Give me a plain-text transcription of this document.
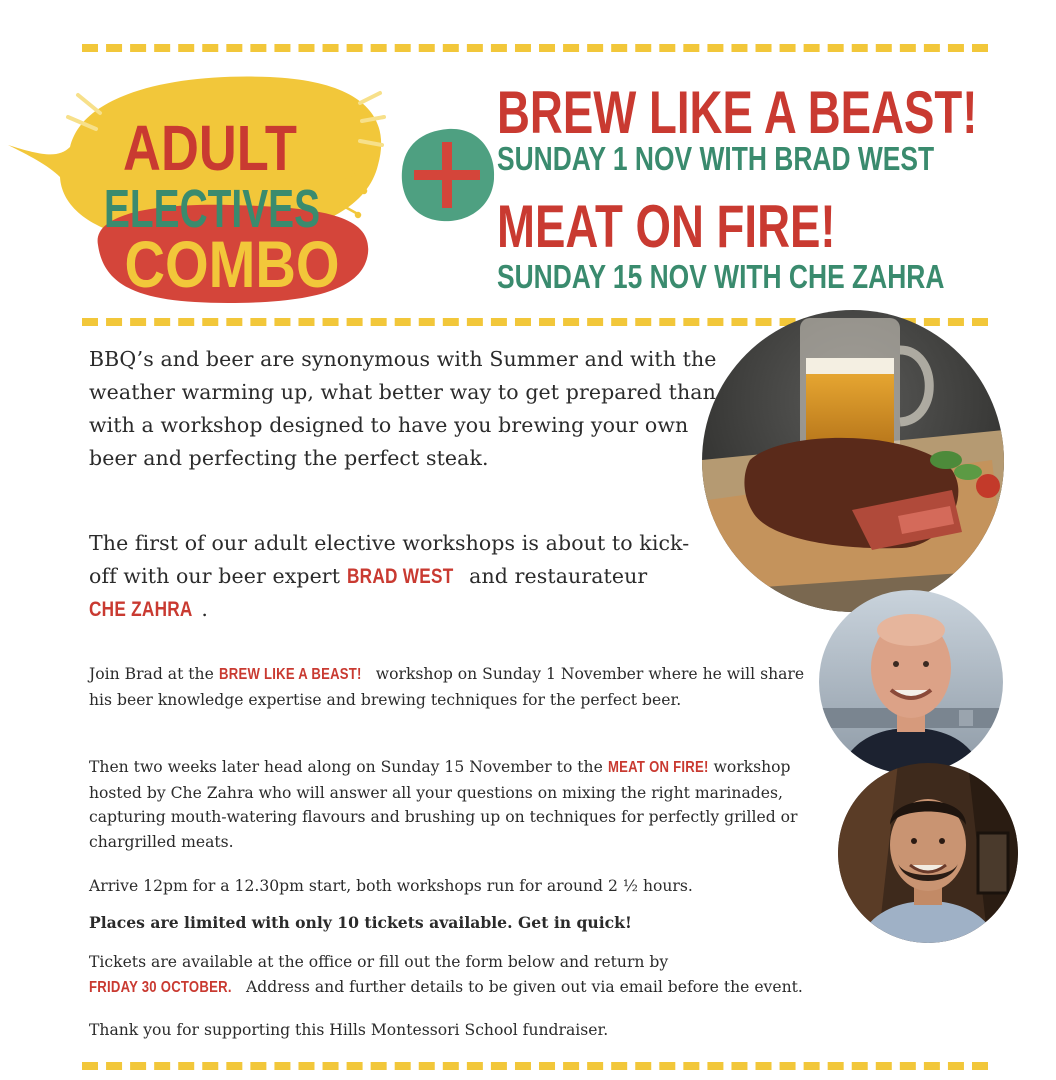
ADULT
ELECTIVES
COMBO
BREW LIKE A BEAST!
SUNDAY 1 NOV WITH BRAD WEST
MEAT ON FIRE!
SUNDAY 15 NOV WITH CHE ZAHRA
BBQ’s and beer are synonymous with Summer and with the weather warming up, what better way to get prepared than with a workshop designed to have you brewing your own beer and perfecting the perfect steak.
The first of our adult elective workshops is about to kick-off with our beer expert BRAD WEST and restaurateur CHE ZAHRA .
Join Brad at the BREW LIKE A BEAST! workshop on Sunday 1 November where he will share his beer knowledge expertise and brewing techniques for the perfect beer.
Then two weeks later head along on Sunday 15 November to the MEAT ON FIRE! workshop hosted by Che Zahra who will answer all your questions on mixing the right marinades, capturing mouth-watering flavours and brushing up on techniques for perfectly grilled or chargrilled meats.
Arrive 12pm for a 12.30pm start, both workshops run for around 2 ½ hours.
Places are limited with only 10 tickets available. Get in quick!
Tickets are available at the office or fill out the form below and return by
FRIDAY 30 OCTOBER. Address and further details to be given out via email before the event.
Thank you for supporting this Hills Montessori School fundraiser.
